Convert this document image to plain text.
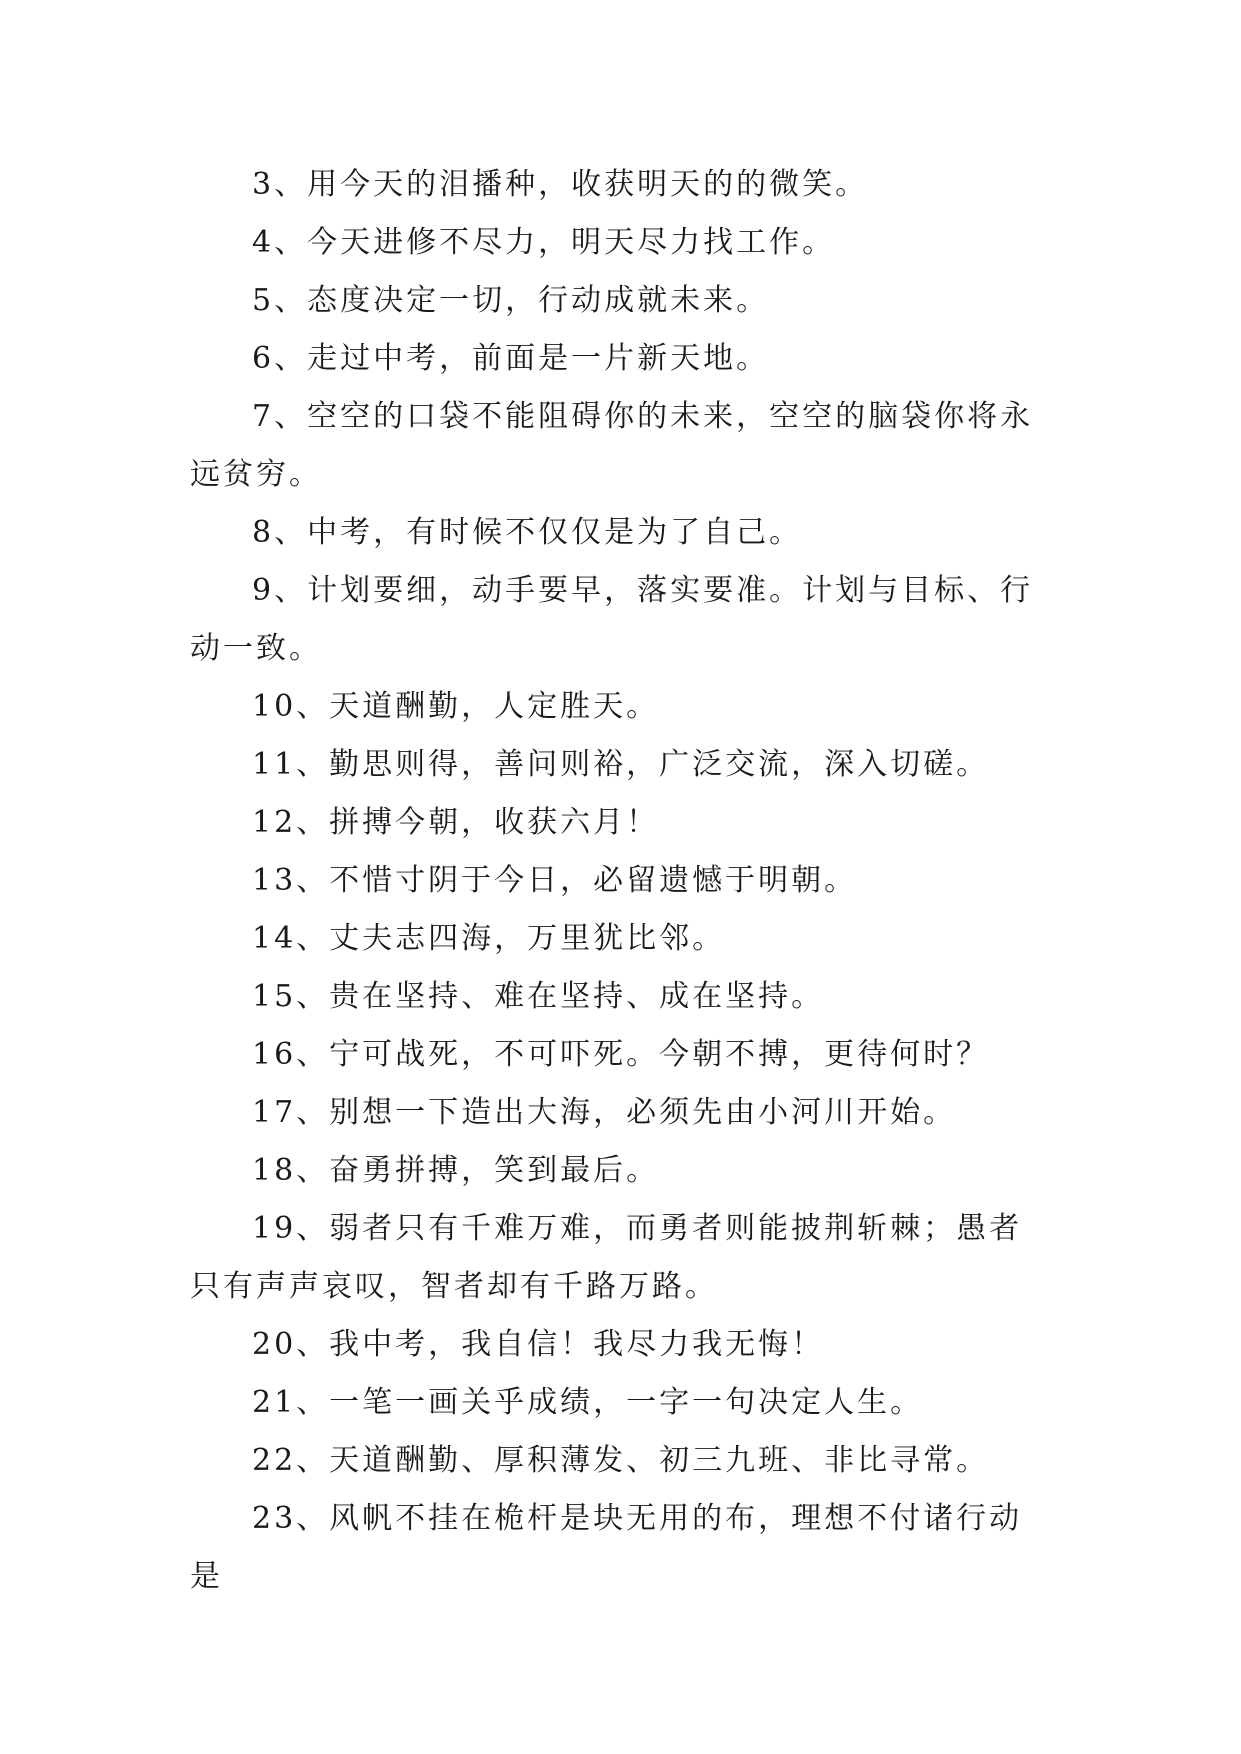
3、用今天的泪播种，收获明天的的微笑。

4、今天进修不尽力，明天尽力找工作。

5、态度决定一切，行动成就未来。

6、走过中考，前面是一片新天地。

7、空空的口袋不能阻碍你的未来，空空的脑袋你将永远贫穷。

8、中考，有时候不仅仅是为了自己。

9、计划要细，动手要早，落实要准。计划与目标、行动一致。

10、天道酬勤，人定胜天。

11、勤思则得，善问则裕，广泛交流，深入切磋。

12、拼搏今朝，收获六月！

13、不惜寸阴于今日，必留遗憾于明朝。

14、丈夫志四海，万里犹比邻。

15、贵在坚持、难在坚持、成在坚持。

16、宁可战死，不可吓死。今朝不搏，更待何时？

17、别想一下造出大海，必须先由小河川开始。

18、奋勇拼搏，笑到最后。

19、弱者只有千难万难，而勇者则能披荆斩棘；愚者只有声声哀叹，智者却有千路万路。

20、我中考，我自信！我尽力我无悔！

21、一笔一画关乎成绩，一字一句决定人生。

22、天道酬勤、厚积薄发、初三九班、非比寻常。

23、风帆不挂在桅杆是块无用的布，理想不付诸行动是
